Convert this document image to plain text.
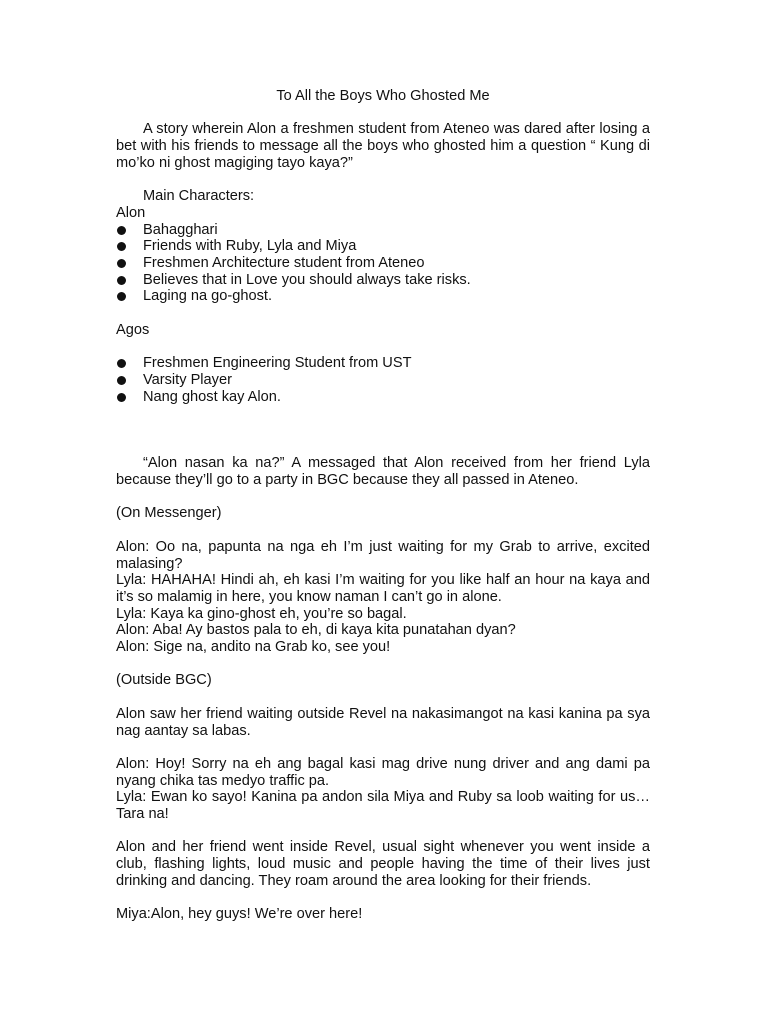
To All the Boys Who Ghosted Me

A story wherein Alon a freshmen student from Ateneo was dared after losing a bet with his friends to message all the boys who ghosted him a question “ Kung di mo’ko ni ghost magiging tayo kaya?”

Main Characters:

Alon

Bahagghari
Friends with Ruby, Lyla and Miya
Freshmen Architecture student from Ateneo
Believes that in Love you should always take risks.
Laging na go-ghost.

Agos

Freshmen Engineering Student from UST
Varsity Player
Nang ghost kay Alon.

“Alon nasan ka na?” A messaged that Alon received from her friend Lyla because they’ll go to a party in BGC because they all passed in Ateneo.

(On Messenger)

Alon: Oo na, papunta na nga eh I’m just waiting for my Grab to arrive, excited malasing?

Lyla: HAHAHA! Hindi ah, eh kasi I’m waiting for you like half an hour na kaya and it’s so malamig in here, you know naman I can’t go in alone.

Lyla: Kaya ka gino-ghost eh, you’re so bagal.

Alon: Aba! Ay bastos pala to eh, di kaya kita punatahan dyan?

Alon: Sige na, andito na Grab ko, see you!

(Outside BGC)

Alon saw her friend waiting outside Revel na nakasimangot na kasi kanina pa sya nag aantay sa labas.

Alon: Hoy! Sorry na eh ang bagal kasi mag drive nung driver and ang dami pa nyang chika tas medyo traffic pa.

Lyla: Ewan ko sayo! Kanina pa andon sila Miya and Ruby sa loob waiting for us… Tara na!

Alon and her friend went inside Revel, usual sight whenever you went inside a club, flashing lights, loud music and people having the time of their lives just drinking and dancing. They roam around the area looking for their friends.

Miya:Alon, hey guys! We’re over here!
